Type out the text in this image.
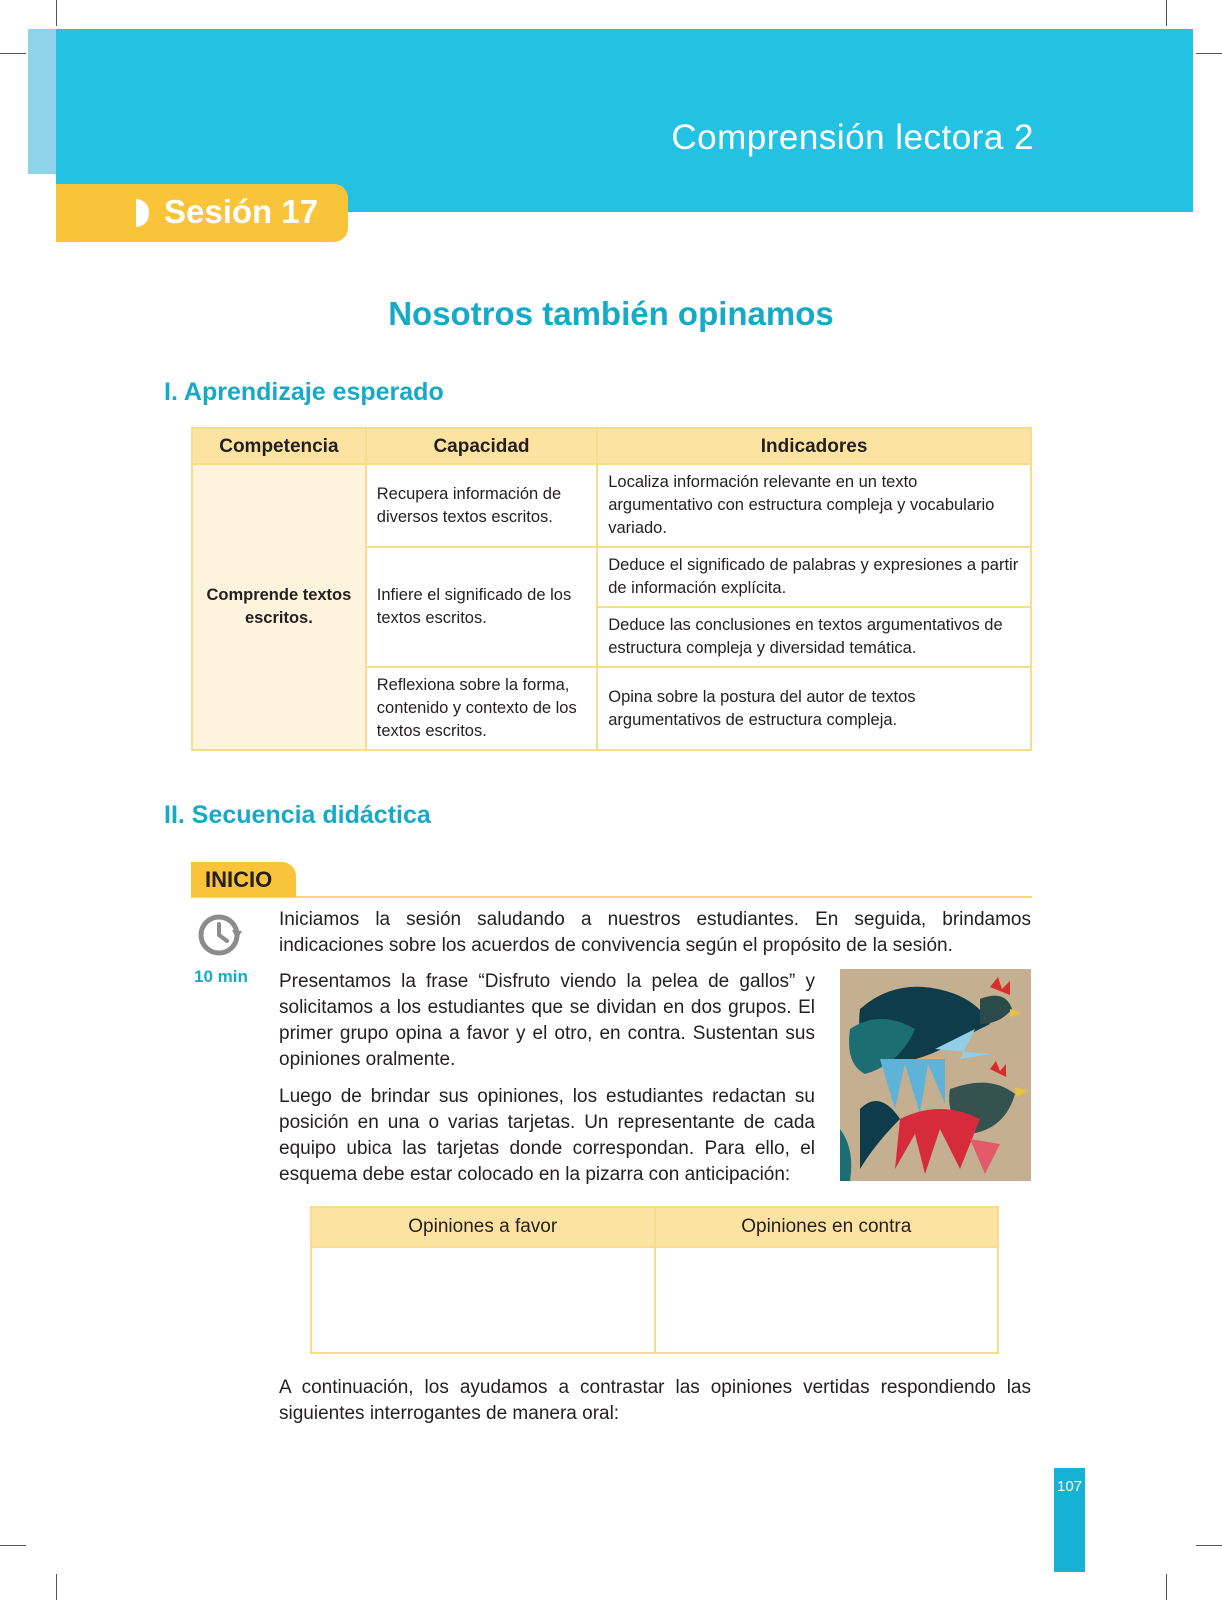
Comprensión lectora 2
Sesión 17
Nosotros también opinamos
I. Aprendizaje esperado
Competencia	Capacidad	Indicadores
Comprende textos escritos.	Recupera información de diversos textos escritos.	Localiza información relevante en un texto argumentativo con estructura compleja y vocabulario variado.
	Infiere el significado de los textos escritos.	Deduce el significado de palabras y expresiones a partir de información explícita.
		Deduce las conclusiones en textos argumentativos de estructura compleja y diversidad temática.
	Reflexiona sobre la forma, contenido y contexto de los textos escritos.	Opina sobre la postura del autor de textos argumentativos de estructura compleja.
II. Secuencia didáctica
INICIO
10 min
Iniciamos la sesión saludando a nuestros estudiantes. En seguida, brindamos indicaciones sobre los acuerdos de convivencia según el propósito de la sesión.
Presentamos la frase “Disfruto viendo la pelea de gallos” y solicitamos a los estudiantes que se dividan en dos grupos. El primer grupo opina a favor y el otro, en contra. Sustentan sus opiniones oralmente.
Luego de brindar sus opiniones, los estudiantes redactan su posición en una o varias tarjetas. Un representante de cada equipo ubica las tarjetas donde correspondan. Para ello, el esquema debe estar colocado en la pizarra con anticipación:
Opiniones a favor	Opiniones en contra

A continuación, los ayudamos a contrastar las opiniones vertidas respondiendo las siguientes interrogantes de manera oral:
107
